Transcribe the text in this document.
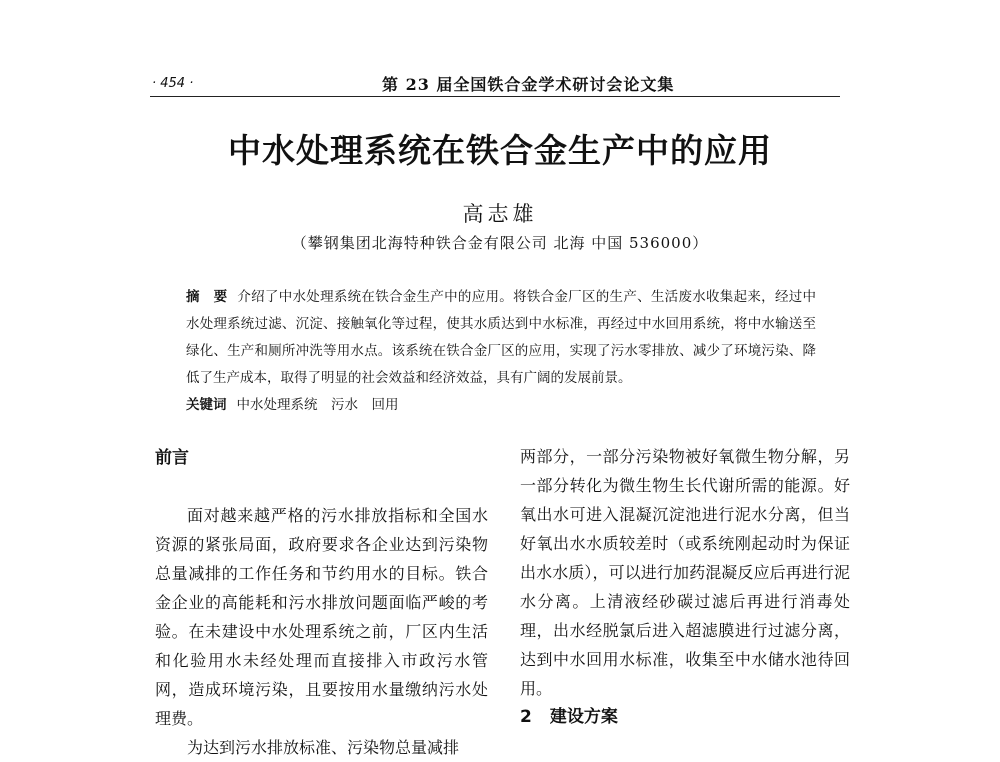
· 454 ·	第 23 届全国铁合金学术研讨会论文集
中水处理系统在铁合金生产中的应用
高志雄
（攀钢集团北海特种铁合金有限公司 北海 中国 536000）
摘　要 介绍了中水处理系统在铁合金生产中的应用。将铁合金厂区的生产、生活废水收集起来，经过中水处理系统过滤、沉淀、接触氧化等过程，使其水质达到中水标准，再经过中水回用系统，将中水输送至绿化、生产和厕所冲洗等用水点。该系统在铁合金厂区的应用，实现了污水零排放、减少了环境污染、降低了生产成本，取得了明显的社会效益和经济效益，具有广阔的发展前景。
关键词 中水处理系统　污水　回用
前言

面对越来越严格的污水排放指标和全国水资源的紧张局面，政府要求各企业达到污染物总量减排的工作任务和节约用水的目标。铁合金企业的高能耗和污水排放问题面临严峻的考验。在未建设中水处理系统之前，厂区内生活和化验用水未经处理而直接排入市政污水管网，造成环境污染，且要按用水量缴纳污水处理费。

为达到污水排放标准、污染物总量减排

两部分，一部分污染物被好氧微生物分解，另一部分转化为微生物生长代谢所需的能源。好氧出水可进入混凝沉淀池进行泥水分离，但当好氧出水水质较差时（或系统刚起动时为保证出水水质），可以进行加药混凝反应后再进行泥水分离。上清液经砂碳过滤后再进行消毒处理，出水经脱氯后进入超滤膜进行过滤分离，达到中水回用水标准，收集至中水储水池待回用。

2 建设方案
